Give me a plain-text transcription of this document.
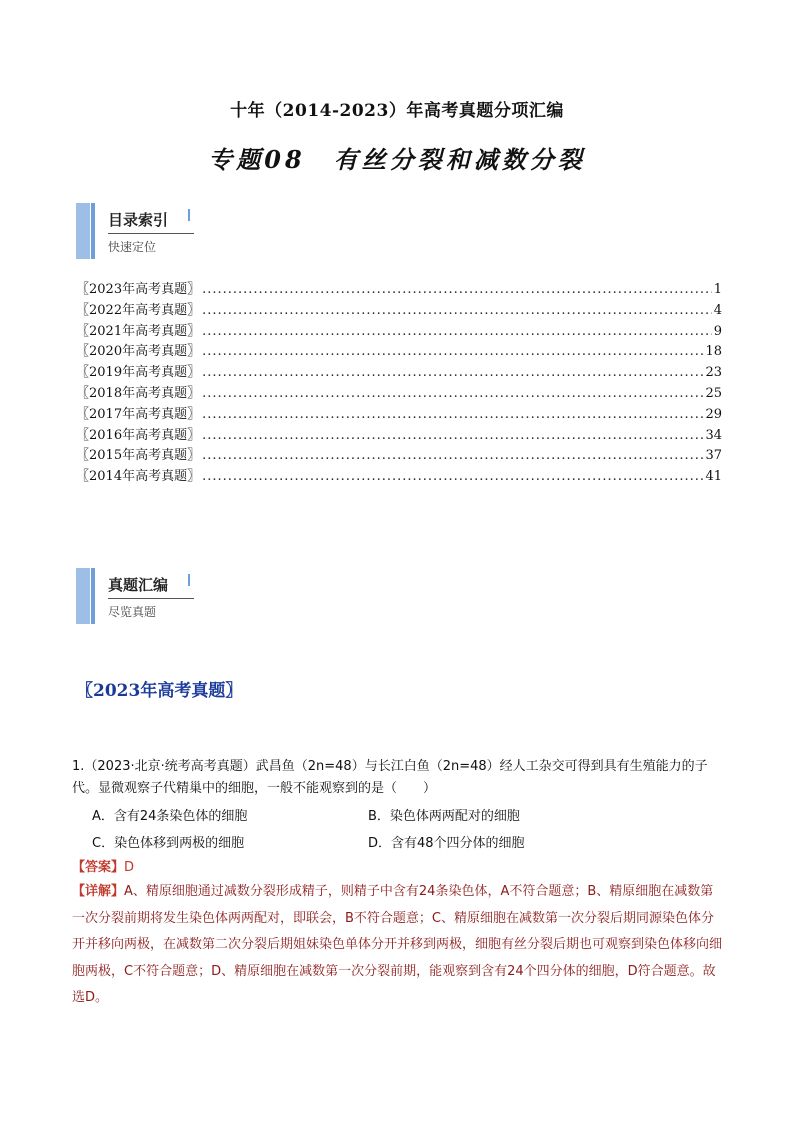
十年（2014-2023）年高考真题分项汇编
专题08　有丝分裂和减数分裂
目录索引
快速定位
〖2023年高考真题〗 .....	1
〖2022年高考真题〗 .....	4
〖2021年高考真题〗 .....	9
〖2020年高考真题〗 .....	18
〖2019年高考真题〗 .....	23
〖2018年高考真题〗 .....	25
〖2017年高考真题〗 .....	29
〖2016年高考真题〗 .....	34
〖2015年高考真题〗 .....	37
〖2014年高考真题〗 .....	41
真题汇编
尽览真题
〖2023年高考真题〗

1.（2023·北京·统考高考真题）武昌鱼（2n=48）与长江白鱼（2n=48）经人工杂交可得到具有生殖能力的子代。显微观察子代精巢中的细胞，一般不能观察到的是（　　）

A．含有24条染色体的细胞	B．染色体两两配对的细胞
C．染色体移到两极的细胞	D．含有48个四分体的细胞

【答案】D

【详解】A、精原细胞通过减数分裂形成精子，则精子中含有24条染色体，A不符合题意；B、精原细胞在减数第一次分裂前期将发生染色体两两配对，即联会，B不符合题意；C、精原细胞在减数第一次分裂后期同源染色体分开并移向两极，在减数第二次分裂后期姐妹染色单体分开并移到两极，细胞有丝分裂后期也可观察到染色体移向细胞两极，C不符合题意；D、精原细胞在减数第一次分裂前期，能观察到含有24个四分体的细胞，D符合题意。故选D。
